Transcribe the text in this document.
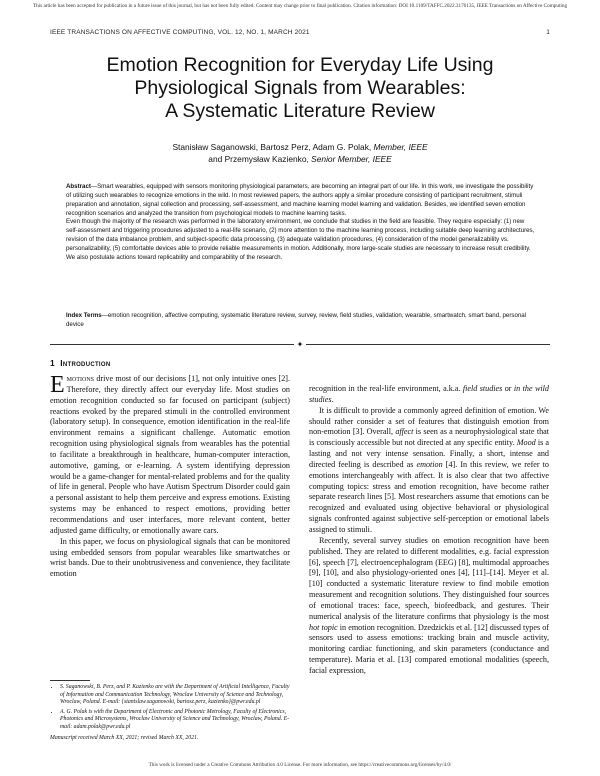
This article has been accepted for publication in a future issue of this journal, but has not been fully edited. Content may change prior to final publication. Citation information: DOI 10.1109/TAFFC.2022.3176135, IEEE Transactions on Affective Computing
IEEE TRANSACTIONS ON AFFECTIVE COMPUTING, VOL. 12, NO. 1, MARCH 2021	1
Emotion Recognition for Everyday Life Using
Physiological Signals from Wearables:
A Systematic Literature Review
Stanisław Saganowski, Bartosz Perz, Adam G. Polak, Member, IEEE
and Przemysław Kazienko, Senior Member, IEEE

Abstract—Smart wearables, equipped with sensors monitoring physiological parameters, are becoming an integral part of our life. In this work, we investigate the possibility of utilizing such wearables to recognize emotions in the wild. In most reviewed papers, the authors apply a similar procedure consisting of participant recruitment, stimuli preparation and annotation, signal collection and processing, self-assessment, and machine learning model learning and validation. Besides, we identified seven emotion recognition scenarios and analyzed the transition from psychological models to machine learning tasks.

Even though the majority of the research was performed in the laboratory environment, we conclude that studies in the field are feasible. They require especially: (1) new self-assessment and triggering procedures adjusted to a real-life scenario, (2) more attention to the machine learning process, including suitable deep learning architectures, revision of the data imbalance problem, and subject-specific data processing, (3) adequate validation procedures, (4) consideration of the model generalizability vs. personalizability, (5) comfortable devices able to provide reliable measurements in motion. Additionally, more large-scale studies are necessary to increase result credibility. We also postulate actions toward replicability and comparability of the research.

Index Terms—emotion recognition, affective computing, systematic literature review, survey, review, field studies, validation, wearable, smartwatch, smart band, personal device
✦
1 Introduction

Emotions drive most of our decisions [1], not only intuitive ones [2]. Therefore, they directly affect our everyday life. Most studies on emotion recognition conducted so far focused on participant (subject) reactions evoked by the prepared stimuli in the controlled environment (laboratory setup). In consequence, emotion identification in the real-life environment remains a significant challenge. Automatic emotion recognition using physiological signals from wearables has the potential to facilitate a breakthrough in healthcare, human-computer interaction, automotive, gaming, or e-learning. A system identifying depression would be a game-changer for mental-related problems and for the quality of life in general. People who have Autism Spectrum Disorder could gain a personal assistant to help them perceive and express emotions. Existing systems may be enhanced to respect emotions, providing better recommendations and user interfaces, more relevant content, better adjusted game difficulty, or emotionally aware cars.

In this paper, we focus on physiological signals that can be monitored using embedded sensors from popular wearables like smartwatches or wrist bands. Due to their unobtrusiveness and convenience, they facilitate emotion

recognition in the real-life environment, a.k.a. field studies or in the wild studies.

It is difficult to provide a commonly agreed definition of emotion. We should rather consider a set of features that distinguish emotion from non-emotion [3]. Overall, affect is seen as a neurophysiological state that is consciously accessible but not directed at any specific entity. Mood is a lasting and not very intense sensation. Finally, a short, intense and directed feeling is described as emotion [4]. In this review, we refer to emotions interchangeably with affect. It is also clear that two affective computing topics: stress and emotion recognition, have become rather separate research lines [5]. Most researchers assume that emotions can be recognized and evaluated using objective behavioral or physiological signals confronted against subjective self-perception or emotional labels assigned to stimuli.

Recently, several survey studies on emotion recognition have been published. They are related to different modalities, e.g. facial expression [6], speech [7], electroencephalogram (EEG) [8], multimodal approaches [9], [10], and also physiology-oriented ones [4], [11]–[14]. Meyer et al. [10] conducted a systematic literature review to find mobile emotion measurement and recognition solutions. They distinguished four sources of emotional traces: face, speech, biofeedback, and gestures. Their numerical analysis of the literature confirms that physiology is the most hot topic in emotion recognition. Dzedzickis et al. [12] discussed types of sensors used to assess emotions: tracking brain and muscle activity, monitoring cardiac functioning, and skin parameters (conductance and temperature). Maria et al. [13] compared emotional modalities (speech, facial expression,

• S. Saganowski, B. Perz, and P. Kazienko are with the Department of Artificial Intelligence, Faculty of Information and Communication Technology, Wroclaw University of Science and Technology, Wroclaw, Poland. E-mail: {stanislaw.saganowski, bartosz.perz, kazienko}@pwr.edu.pl
• A. G. Polak is with the Department of Electronic and Photonic Metrology, Faculty of Electronics, Photonics and Microsystems, Wroclaw University of Science and Technology, Wroclaw, Poland. E-mail: adam.polak@pwr.edu.pl
Manuscript received March XX, 2021; revised March XX, 2021.
This work is licensed under a Creative Commons Attribution 4.0 License. For more information, see https://creativecommons.org/licenses/by/4.0/
